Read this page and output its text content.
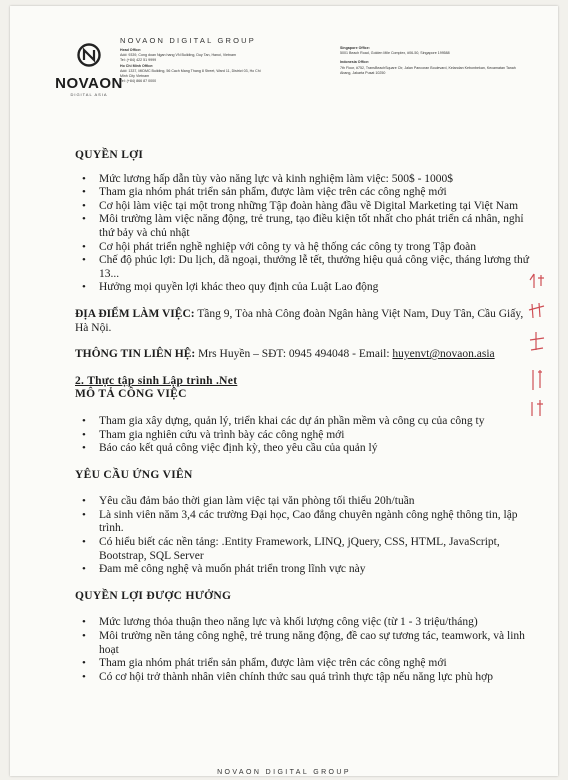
NOVAON
DIGITAL ASIA
NOVAON DIGITAL GROUP
Head Office:
Add: 9339, Cong doan Ngan hang VN Building, Duy Tan, Hanoi, Vietnam
Tel: (+84) 422 51 9999
Ho Chi Minh Office:
Add: 1337, MIDMC Building, 56 Cach Mang Thang 8 Street, Ward 11, District 03, Ho Chi
Minh City Vietnam
Tel: (+84) 866 87 0000
Singapore Office:
5001 Beach Road, Golden Mile Complex, #06-50, Singapore 199588
Indonesia Office:
7th Floor, #752, TransBeachSquare Ctr, Jalan Pancoran Boulevard, Kelandan Kebonbekan, Kecamatan Tanah
Abang, Jakarta Pusat 10250
QUYỀN LỢI
• Mức lương hấp dẫn tùy vào năng lực và kinh nghiệm làm việc: 500$ - 1000$
• Tham gia nhóm phát triển sản phẩm, được làm việc trên các công nghệ mới
• Cơ hội làm việc tại một trong những Tập đoàn hàng đầu về Digital Marketing tại Việt Nam
• Môi trường làm việc năng động, trẻ trung, tạo điều kiện tốt nhất cho phát triển cá nhân, nghỉ thứ bảy và chủ nhật
• Cơ hội phát triển nghề nghiệp với công ty và hệ thống các công ty trong Tập đoàn
• Chế độ phúc lợi: Du lịch, dã ngoại, thưởng lễ tết, thưởng hiệu quả công việc, tháng lương thứ 13...
• Hưởng mọi quyền lợi khác theo quy định của Luật Lao động
ĐỊA ĐIỂM LÀM VIỆC: Tầng 9, Tòa nhà Công đoàn Ngân hàng Việt Nam, Duy Tân, Cầu Giấy, Hà Nội.
THÔNG TIN LIÊN HỆ: Mrs Huyền – SĐT: 0945 494048 - Email: huyenvt@novaon.asia
2. Thực tập sinh Lập trình .Net
MÔ TẢ CÔNG VIỆC
• Tham gia xây dựng, quản lý, triển khai các dự án phần mềm và công cụ của công ty
• Tham gia nghiên cứu và trình bày các công nghệ mới
• Báo cáo kết quả công việc định kỳ, theo yêu cầu của quản lý
YÊU CẦU ỨNG VIÊN
• Yêu cầu đảm bảo thời gian làm việc tại văn phòng tối thiểu 20h/tuần
• Là sinh viên năm 3,4 các trường Đại học, Cao đẳng chuyên ngành công nghệ thông tin, lập trình.
• Có hiểu biết các nền tảng: .Entity Framework, LINQ, jQuery, CSS, HTML, JavaScript, Bootstrap, SQL Server
• Đam mê công nghệ và muốn phát triển trong lĩnh vực này
QUYỀN LỢI ĐƯỢC HƯỞNG
• Mức lương thỏa thuận theo năng lực và khối lượng công việc (từ 1 - 3 triệu/tháng)
• Môi trường nền tảng công nghệ, trẻ trung năng động, đề cao sự tương tác, teamwork, và linh hoạt
• Tham gia nhóm phát triển sản phẩm, được làm việc trên các công nghệ mới
• Có cơ hội trở thành nhân viên chính thức sau quá trình thực tập nếu năng lực phù hợp
NOVAON DIGITAL GROUP
